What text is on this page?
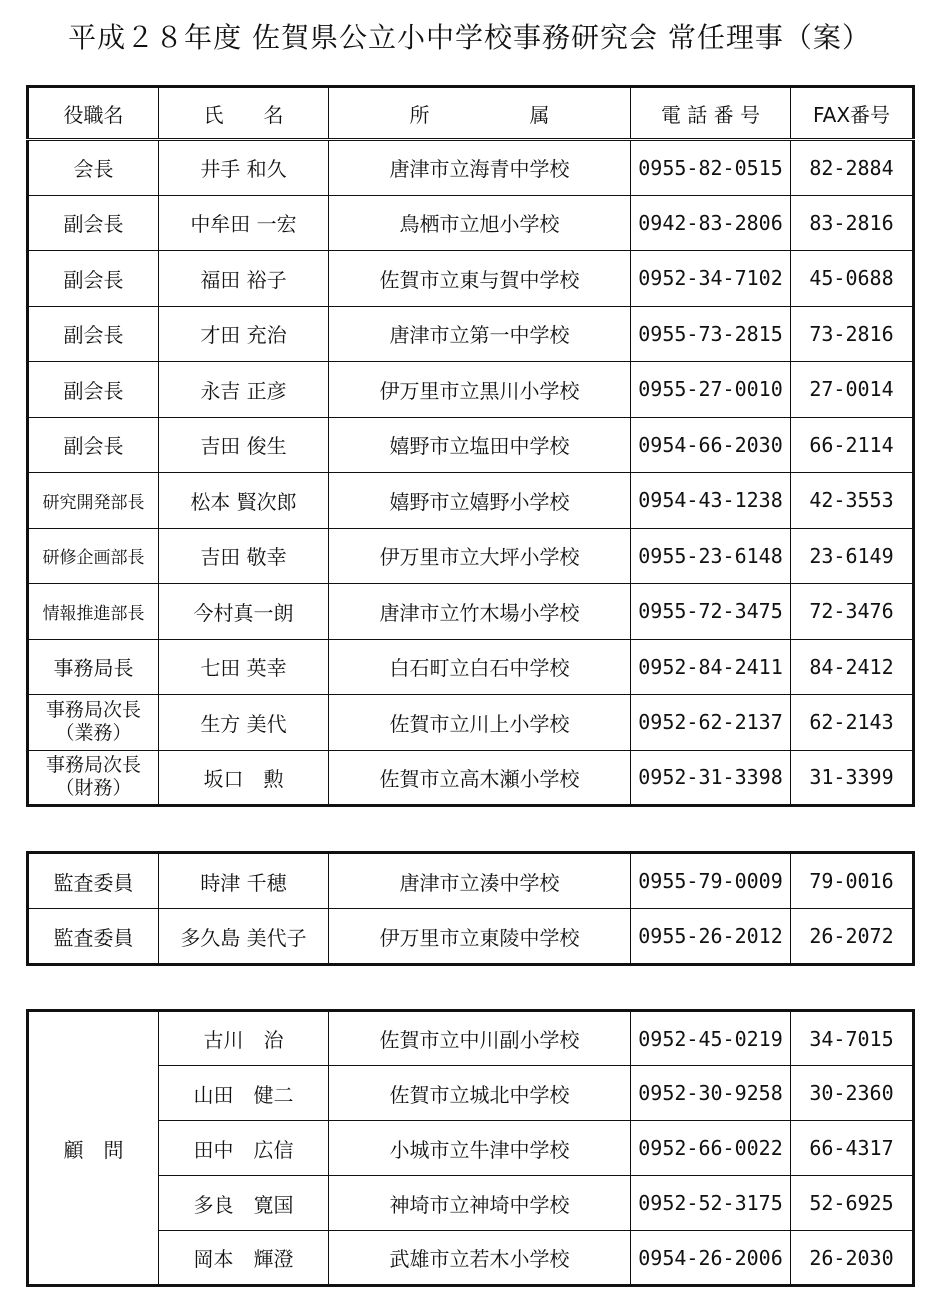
平成２８年度 佐賀県公立小中学校事務研究会 常任理事（案）
役職名	氏　　名	所　　　　　属	電 話 番 号	FAX番号

会長	井手 和久	唐津市立海青中学校	0955-82-0515	82-2884

副会長	中牟田 一宏	鳥栖市立旭小学校	0942-83-2806	83-2816

副会長	福田 裕子	佐賀市立東与賀中学校	0952-34-7102	45-0688

副会長	才田 充治	唐津市立第一中学校	0955-73-2815	73-2816

副会長	永吉 正彦	伊万里市立黒川小学校	0955-27-0010	27-0014

副会長	吉田 俊生	嬉野市立塩田中学校	0954-66-2030	66-2114

研究開発部長	松本 賢次郎	嬉野市立嬉野小学校	0954-43-1238	42-3553

研修企画部長	吉田 敬幸	伊万里市立大坪小学校	0955-23-6148	23-6149

情報推進部長	今村真一朗	唐津市立竹木場小学校	0955-72-3475	72-3476

事務局長	七田 英幸	白石町立白石中学校	0952-84-2411	84-2412

事務局次長
（業務）	生方 美代	佐賀市立川上小学校	0952-62-2137	62-2143

事務局次長
（財務）	坂口　勲	佐賀市立高木瀬小学校	0952-31-3398	31-3399
監査委員	時津 千穂	唐津市立湊中学校	0955-79-0009	79-0016

監査委員	多久島 美代子	伊万里市立東陵中学校	0955-26-2012	26-2072
顧　問	古川　治	佐賀市立中川副小学校	0952-45-0219	34-7015
	山田　健二	佐賀市立城北中学校	0952-30-9258	30-2360
	田中　広信	小城市立牛津中学校	0952-66-0022	66-4317
	多良　寛国	神埼市立神埼中学校	0952-52-3175	52-6925
	岡本　輝澄	武雄市立若木小学校	0954-26-2006	26-2030
